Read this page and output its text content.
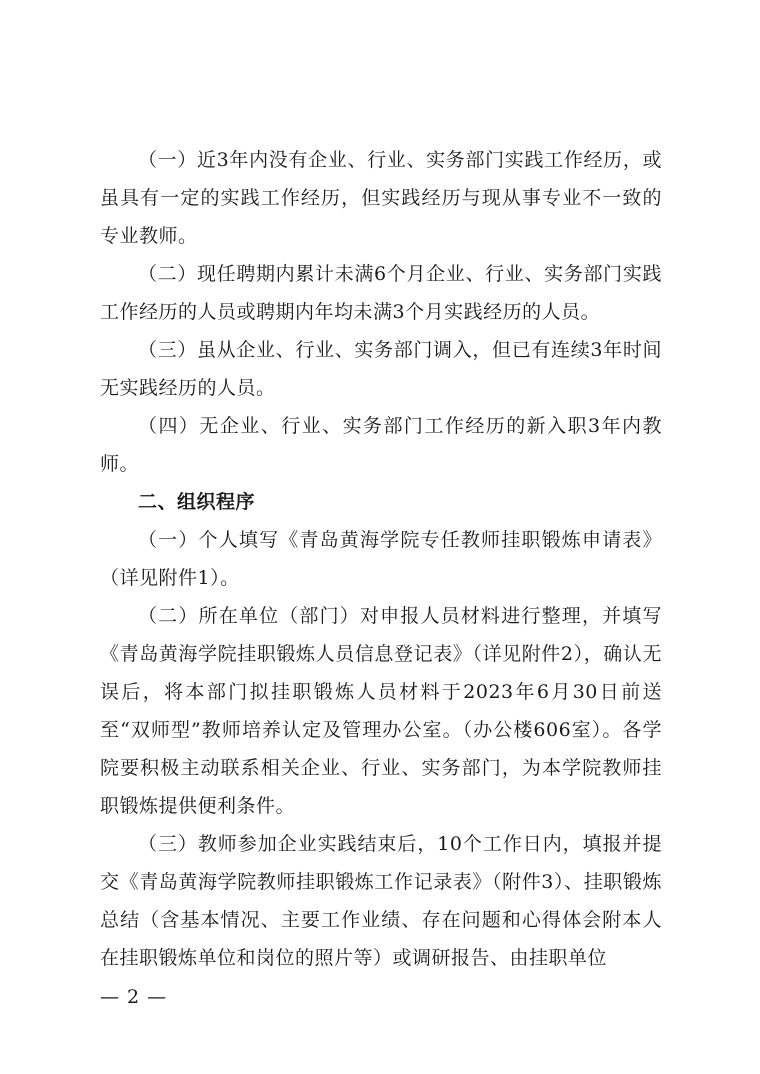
（一）近3年内没有企业、行业、实务部门实践工作经历，或虽具有一定的实践工作经历，但实践经历与现从事专业不一致的专业教师。

（二）现任聘期内累计未满6个月企业、行业、实务部门实践工作经历的人员或聘期内年均未满3个月实践经历的人员。

（三）虽从企业、行业、实务部门调入，但已有连续3年时间无实践经历的人员。

（四）无企业、行业、实务部门工作经历的新入职3年内教师。

二、组织程序

（一）个人填写《青岛黄海学院专任教师挂职锻炼申请表》（详见附件1）。

（二）所在单位（部门）对申报人员材料进行整理，并填写《青岛黄海学院挂职锻炼人员信息登记表》（详见附件2），确认无误后，将本部门拟挂职锻炼人员材料于2023年6月30日前送至“双师型”教师培养认定及管理办公室。（办公楼606室）。各学院要积极主动联系相关企业、行业、实务部门，为本学院教师挂职锻炼提供便利条件。

（三）教师参加企业实践结束后，10个工作日内，填报并提交《青岛黄海学院教师挂职锻炼工作记录表》（附件3）、挂职锻炼总结（含基本情况、主要工作业绩、存在问题和心得体会附本人在挂职锻炼单位和岗位的照片等）或调研报告、由挂职单位

— 2 —
